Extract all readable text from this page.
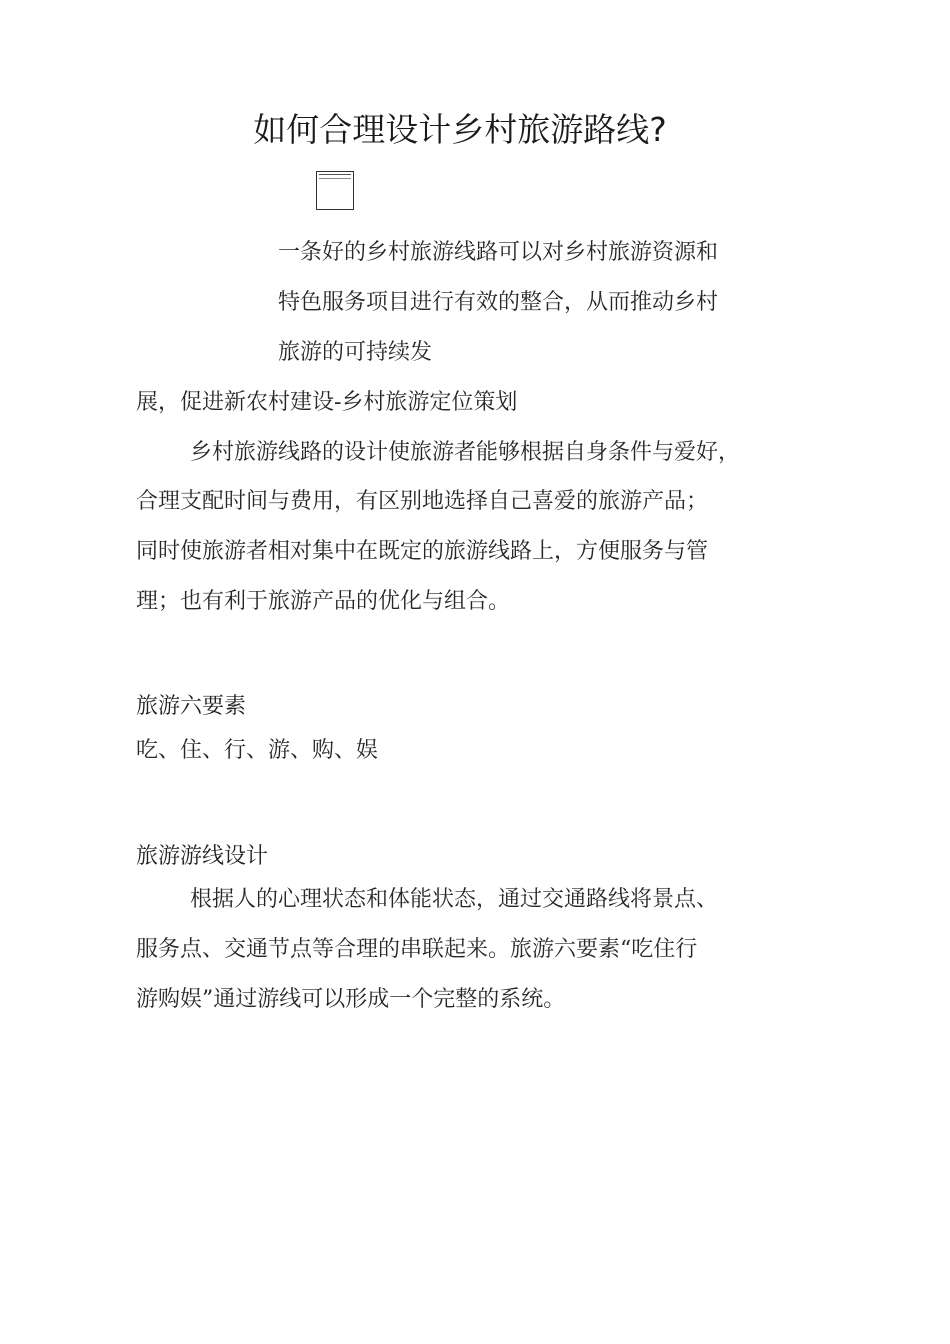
如何合理设计乡村旅游路线?
一条好的乡村旅游线路可以对乡村旅游资源和
特色服务项目进行有效的整合，从而推动乡村
旅游的可持续发
展，促进新农村建设-乡村旅游定位策划
乡村旅游线路的设计使旅游者能够根据自身条件与爱好，
合理支配时间与费用，有区别地选择自己喜爱的旅游产品；
同时使旅游者相对集中在既定的旅游线路上，方便服务与管
理；也有利于旅游产品的优化与组合。
旅游六要素
吃、住、行、游、购、娱
旅游游线设计
根据人的心理状态和体能状态，通过交通路线将景点、
服务点、交通节点等合理的串联起来。旅游六要素“吃住行
游购娱”通过游线可以形成一个完整的系统。
